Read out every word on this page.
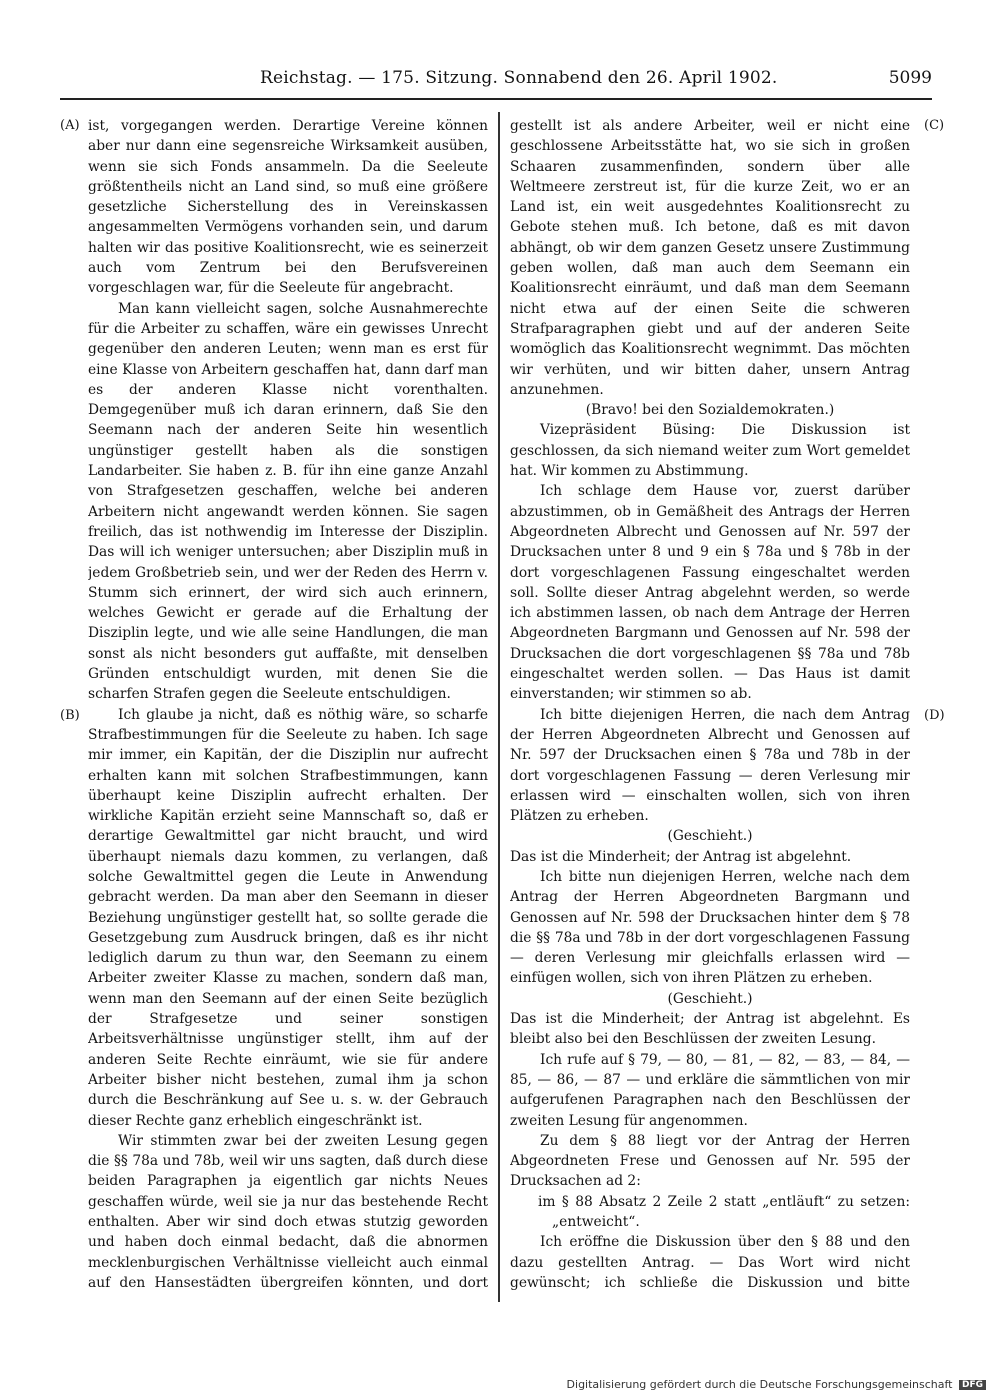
Reichstag. — 175. Sitzung. Sonnabend den 26. April 1902.	5099
(A)
(B)
(C)
(D)

ist, vorgegangen werden. Derartige Vereine können aber nur dann eine segensreiche Wirksamkeit ausüben, wenn sie sich Fonds ansammeln. Da die Seeleute größtentheils nicht an Land sind, so muß eine größere gesetzliche Sicherstellung des in Vereinskassen angesammelten Vermögens vorhanden sein, und darum halten wir das positive Koalitionsrecht, wie es seinerzeit auch vom Zentrum bei den Berufsvereinen vorgeschlagen war, für die Seeleute für angebracht.

Man kann vielleicht sagen, solche Ausnahmerechte für die Arbeiter zu schaffen, wäre ein gewisses Unrecht gegenüber den anderen Leuten; wenn man es erst für eine Klasse von Arbeitern geschaffen hat, dann darf man es der anderen Klasse nicht vorenthalten. Demgegenüber muß ich daran erinnern, daß Sie den Seemann nach der anderen Seite hin wesentlich ungünstiger gestellt haben als die sonstigen Landarbeiter. Sie haben z. B. für ihn eine ganze Anzahl von Strafgesetzen geschaffen, welche bei anderen Arbeitern nicht angewandt werden können. Sie sagen freilich, das ist nothwendig im Interesse der Disziplin. Das will ich weniger untersuchen; aber Disziplin muß in jedem Großbetrieb sein, und wer der Reden des Herrn v. Stumm sich erinnert, der wird sich auch erinnern, welches Gewicht er gerade auf die Erhaltung der Disziplin legte, und wie alle seine Handlungen, die man sonst als nicht besonders gut auffaßte, mit denselben Gründen entschuldigt wurden, mit denen Sie die scharfen Strafen gegen die Seeleute entschuldigen.

Ich glaube ja nicht, daß es nöthig wäre, so scharfe Strafbestimmungen für die Seeleute zu haben. Ich sage mir immer, ein Kapitän, der die Disziplin nur aufrecht erhalten kann mit solchen Strafbestimmungen, kann überhaupt keine Disziplin aufrecht erhalten. Der wirkliche Kapitän erzieht seine Mannschaft so, daß er derartige Gewaltmittel gar nicht braucht, und wird überhaupt niemals dazu kommen, zu verlangen, daß solche Gewaltmittel gegen die Leute in Anwendung gebracht werden. Da man aber den Seemann in dieser Beziehung ungünstiger gestellt hat, so sollte gerade die Gesetzgebung zum Ausdruck bringen, daß es ihr nicht lediglich darum zu thun war, den Seemann zu einem Arbeiter zweiter Klasse zu machen, sondern daß man, wenn man den Seemann auf der einen Seite bezüglich der Strafgesetze und seiner sonstigen Arbeitsverhältnisse ungünstiger stellt, ihm auf der anderen Seite Rechte einräumt, wie sie für andere Arbeiter bisher nicht bestehen, zumal ihm ja schon durch die Beschränkung auf See u. s. w. der Gebrauch dieser Rechte ganz erheblich eingeschränkt ist.

Wir stimmten zwar bei der zweiten Lesung gegen die §§ 78a und 78b, weil wir uns sagten, daß durch diese beiden Paragraphen ja eigentlich gar nichts Neues geschaffen würde, weil sie ja nur das bestehende Recht enthalten. Aber wir sind doch etwas stutzig geworden und haben doch einmal bedacht, daß die abnormen mecklenburgischen Verhältnisse vielleicht auch einmal auf den Hansestädten übergreifen könnten, und dort

gestellt ist als andere Arbeiter, weil er nicht eine geschlossene Arbeitsstätte hat, wo sie sich in großen Schaaren zusammenfinden, sondern über alle Weltmeere zerstreut ist, für die kurze Zeit, wo er an Land ist, ein weit ausgedehntes Koalitionsrecht zu Gebote stehen muß. Ich betone, daß es mit davon abhängt, ob wir dem ganzen Gesetz unsere Zustimmung geben wollen, daß man auch dem Seemann ein Koalitionsrecht einräumt, und daß man dem Seemann nicht etwa auf der einen Seite die schweren Strafparagraphen giebt und auf der anderen Seite womöglich das Koalitionsrecht wegnimmt. Das möchten wir verhüten, und wir bitten daher, unsern Antrag anzunehmen.

(Bravo! bei den Sozialdemokraten.)

Vizepräsident Büsing: Die Diskussion ist geschlossen, da sich niemand weiter zum Wort gemeldet hat. Wir kommen zu Abstimmung.

Ich schlage dem Hause vor, zuerst darüber abzustimmen, ob in Gemäßheit des Antrags der Herren Abgeordneten Albrecht und Genossen auf Nr. 597 der Drucksachen unter 8 und 9 ein § 78a und § 78b in der dort vorgeschlagenen Fassung eingeschaltet werden soll. Sollte dieser Antrag abgelehnt werden, so werde ich abstimmen lassen, ob nach dem Antrage der Herren Abgeordneten Bargmann und Genossen auf Nr. 598 der Drucksachen die dort vorgeschlagenen §§ 78a und 78b eingeschaltet werden sollen. — Das Haus ist damit einverstanden; wir stimmen so ab.

Ich bitte diejenigen Herren, die nach dem Antrag der Herren Abgeordneten Albrecht und Genossen auf Nr. 597 der Drucksachen einen § 78a und 78b in der dort vorgeschlagenen Fassung — deren Verlesung mir erlassen wird — einschalten wollen, sich von ihren Plätzen zu erheben.

(Geschieht.)

Das ist die Minderheit; der Antrag ist abgelehnt.

Ich bitte nun diejenigen Herren, welche nach dem Antrag der Herren Abgeordneten Bargmann und Genossen auf Nr. 598 der Drucksachen hinter dem § 78 die §§ 78a und 78b in der dort vorgeschlagenen Fassung — deren Verlesung mir gleichfalls erlassen wird — einfügen wollen, sich von ihren Plätzen zu erheben.

(Geschieht.)

Das ist die Minderheit; der Antrag ist abgelehnt. Es bleibt also bei den Beschlüssen der zweiten Lesung.

Ich rufe auf § 79, — 80, — 81, — 82, — 83, — 84, — 85, — 86, — 87 — und erkläre die sämmtlichen von mir aufgerufenen Paragraphen nach den Beschlüssen der zweiten Lesung für angenommen.

Zu dem § 88 liegt vor der Antrag der Herren Abgeordneten Frese und Genossen auf Nr. 595 der Drucksachen ad 2:

im § 88 Absatz 2 Zeile 2 statt „entläuft“ zu setzen: „entweicht“.

Ich eröffne die Diskussion über den § 88 und den dazu gestellten Antrag. — Das Wort wird nicht gewünscht; ich schließe die Diskussion und bitte

Digitalisierung gefördert durch die Deutsche Forschungsgemeinschaft DFG
